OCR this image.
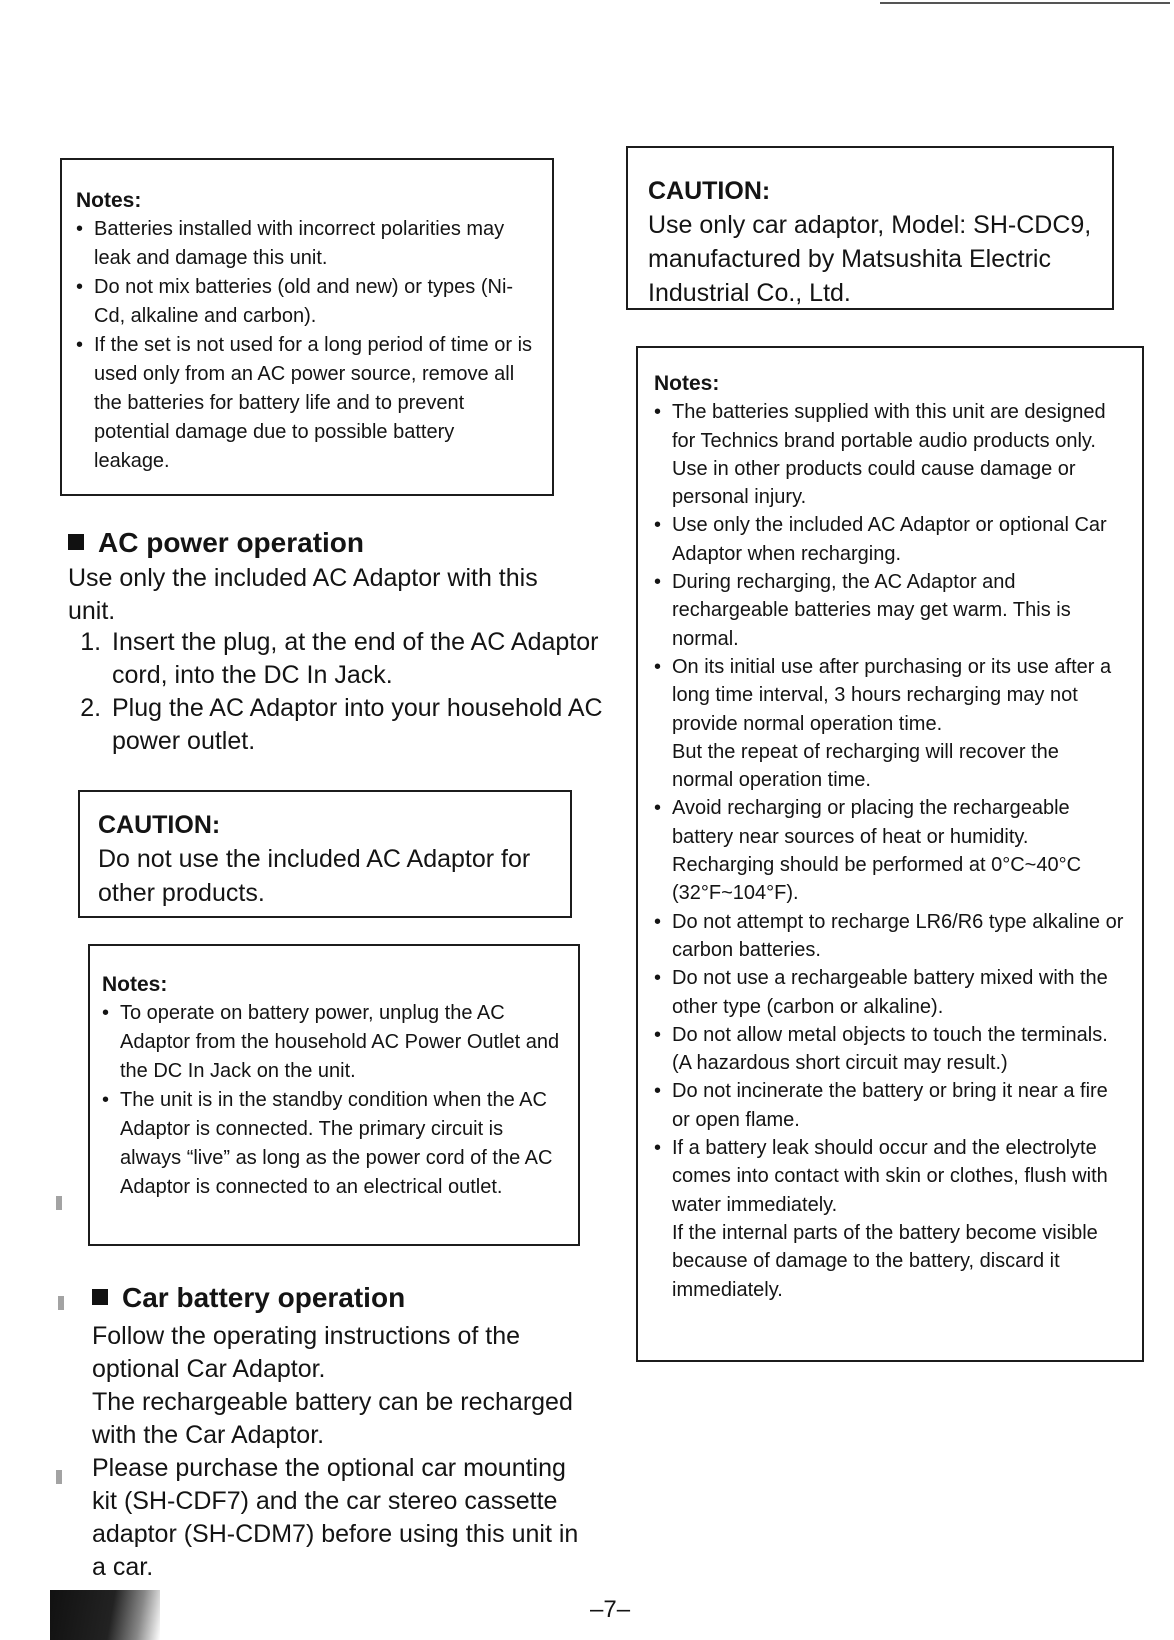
Notes:

• Batteries installed with incorrect polarities may leak and damage this unit.

• Do not mix batteries (old and new) or types (Ni-Cd, alkaline and carbon).

• If the set is not used for a long period of time or is used only from an AC power source, remove all the batteries for battery life and to prevent potential damage due to possible battery leakage.

AC power operation

Use only the included AC Adaptor with this unit.

1. Insert the plug, at the end of the AC Adaptor cord, into the DC In Jack.
2. Plug the AC Adaptor into your household AC power outlet.

CAUTION:

Do not use the included AC Adaptor for other products.

Notes:

• To operate on battery power, unplug the AC Adaptor from the household AC Power Outlet and the DC In Jack on the unit.

• The unit is in the standby condition when the AC Adaptor is connected. The primary circuit is always “live” as long as the power cord of the AC Adaptor is connected to an electrical outlet.

Car battery operation

Follow the operating instructions of the optional Car Adaptor.

The rechargeable battery can be recharged with the Car Adaptor.

Please purchase the optional car mounting kit (SH-CDF7) and the car stereo cassette adaptor (SH-CDM7) before using this unit in a car.

CAUTION:

Use only car adaptor, Model: SH-CDC9, manufactured by Matsushita Electric Industrial Co., Ltd.

Notes:

• The batteries supplied with this unit are designed for Technics brand portable audio products only. Use in other products could cause damage or personal injury.

• Use only the included AC Adaptor or optional Car Adaptor when recharging.

• During recharging, the AC Adaptor and rechargeable batteries may get warm. This is normal.

• On its initial use after purchasing or its use after a long time interval, 3 hours recharging may not provide normal operation time.

But the repeat of recharging will recover the normal operation time.

• Avoid recharging or placing the rechargeable battery near sources of heat or humidity. Recharging should be performed at 0°C~40°C (32°F~104°F).

• Do not attempt to recharge LR6/R6 type alkaline or carbon batteries.

• Do not use a rechargeable battery mixed with the other type (carbon or alkaline).

• Do not allow metal objects to touch the terminals. (A hazardous short circuit may result.)

• Do not incinerate the battery or bring it near a fire or open flame.

• If a battery leak should occur and the electrolyte comes into contact with skin or clothes, flush with water immediately.

If the internal parts of the battery become visible because of damage to the battery, discard it immediately.

–7–
